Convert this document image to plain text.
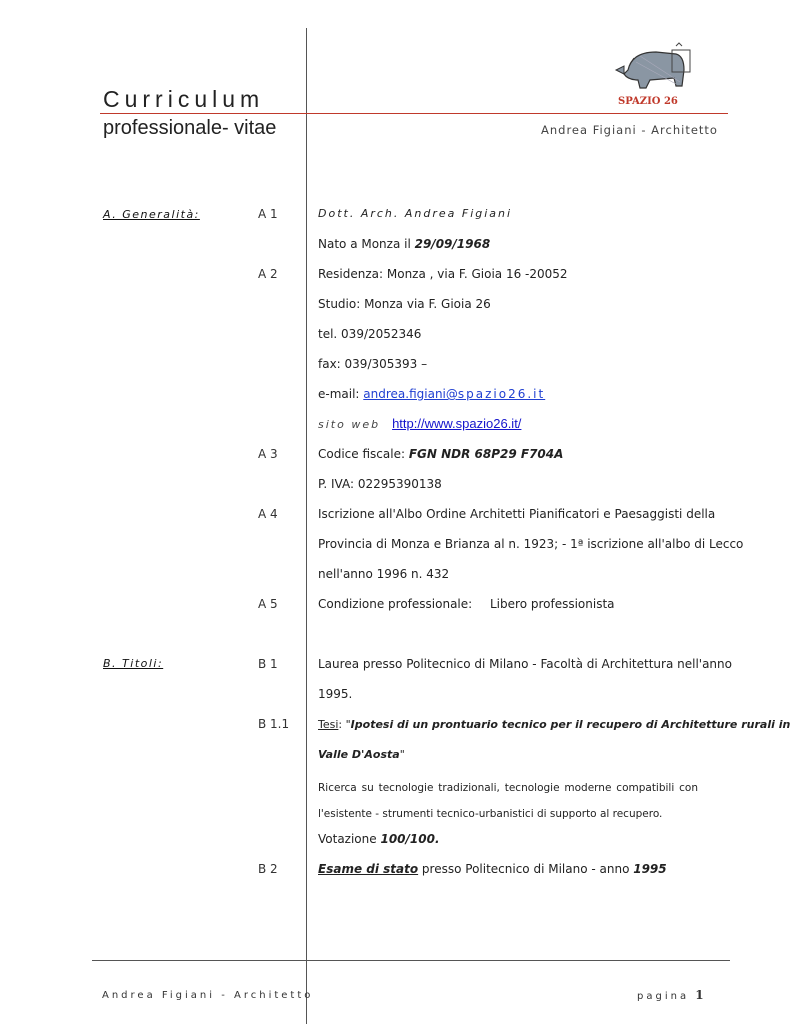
Curriculum
professionale- vitae	Andrea Figiani - Architetto
SPAZIO 26
A. Generalità:	A 1	Dott. Arch. Andrea Figiani
Nato a Monza il 29/09/1968
A 2	Residenza: Monza , via F. Gioia 16 -20052
Studio: Monza via F. Gioia 26
tel. 039/2052346
fax: 039/305393 –
e-mail: andrea.figiani@spazio26.it
sito web http://www.spazio26.it/
A 3	Codice fiscale: FGN NDR 68P29 F704A
P. IVA: 02295390138
A 4	Iscrizione all'Albo Ordine Architetti Pianificatori e Paesaggisti della
Provincia di Monza e Brianza al n. 1923; - 1ª iscrizione all'albo di Lecco
nell'anno 1996 n. 432
A 5	Condizione professionale: Libero professionista
B. Titoli:	B 1	Laurea presso Politecnico di Milano - Facoltà di Architettura nell'anno
1995.
B 1.1	Tesi: "Ipotesi di un prontuario tecnico per il recupero di Architetture rurali in
Valle D'Aosta"
Ricerca su tecnologie tradizionali, tecnologie moderne compatibili con l'esistente - strumenti tecnico-urbanistici di supporto al recupero.
Votazione 100/100.
B 2	Esame di stato presso Politecnico di Milano - anno 1995
Andrea Figiani - Architetto	pagina 1
